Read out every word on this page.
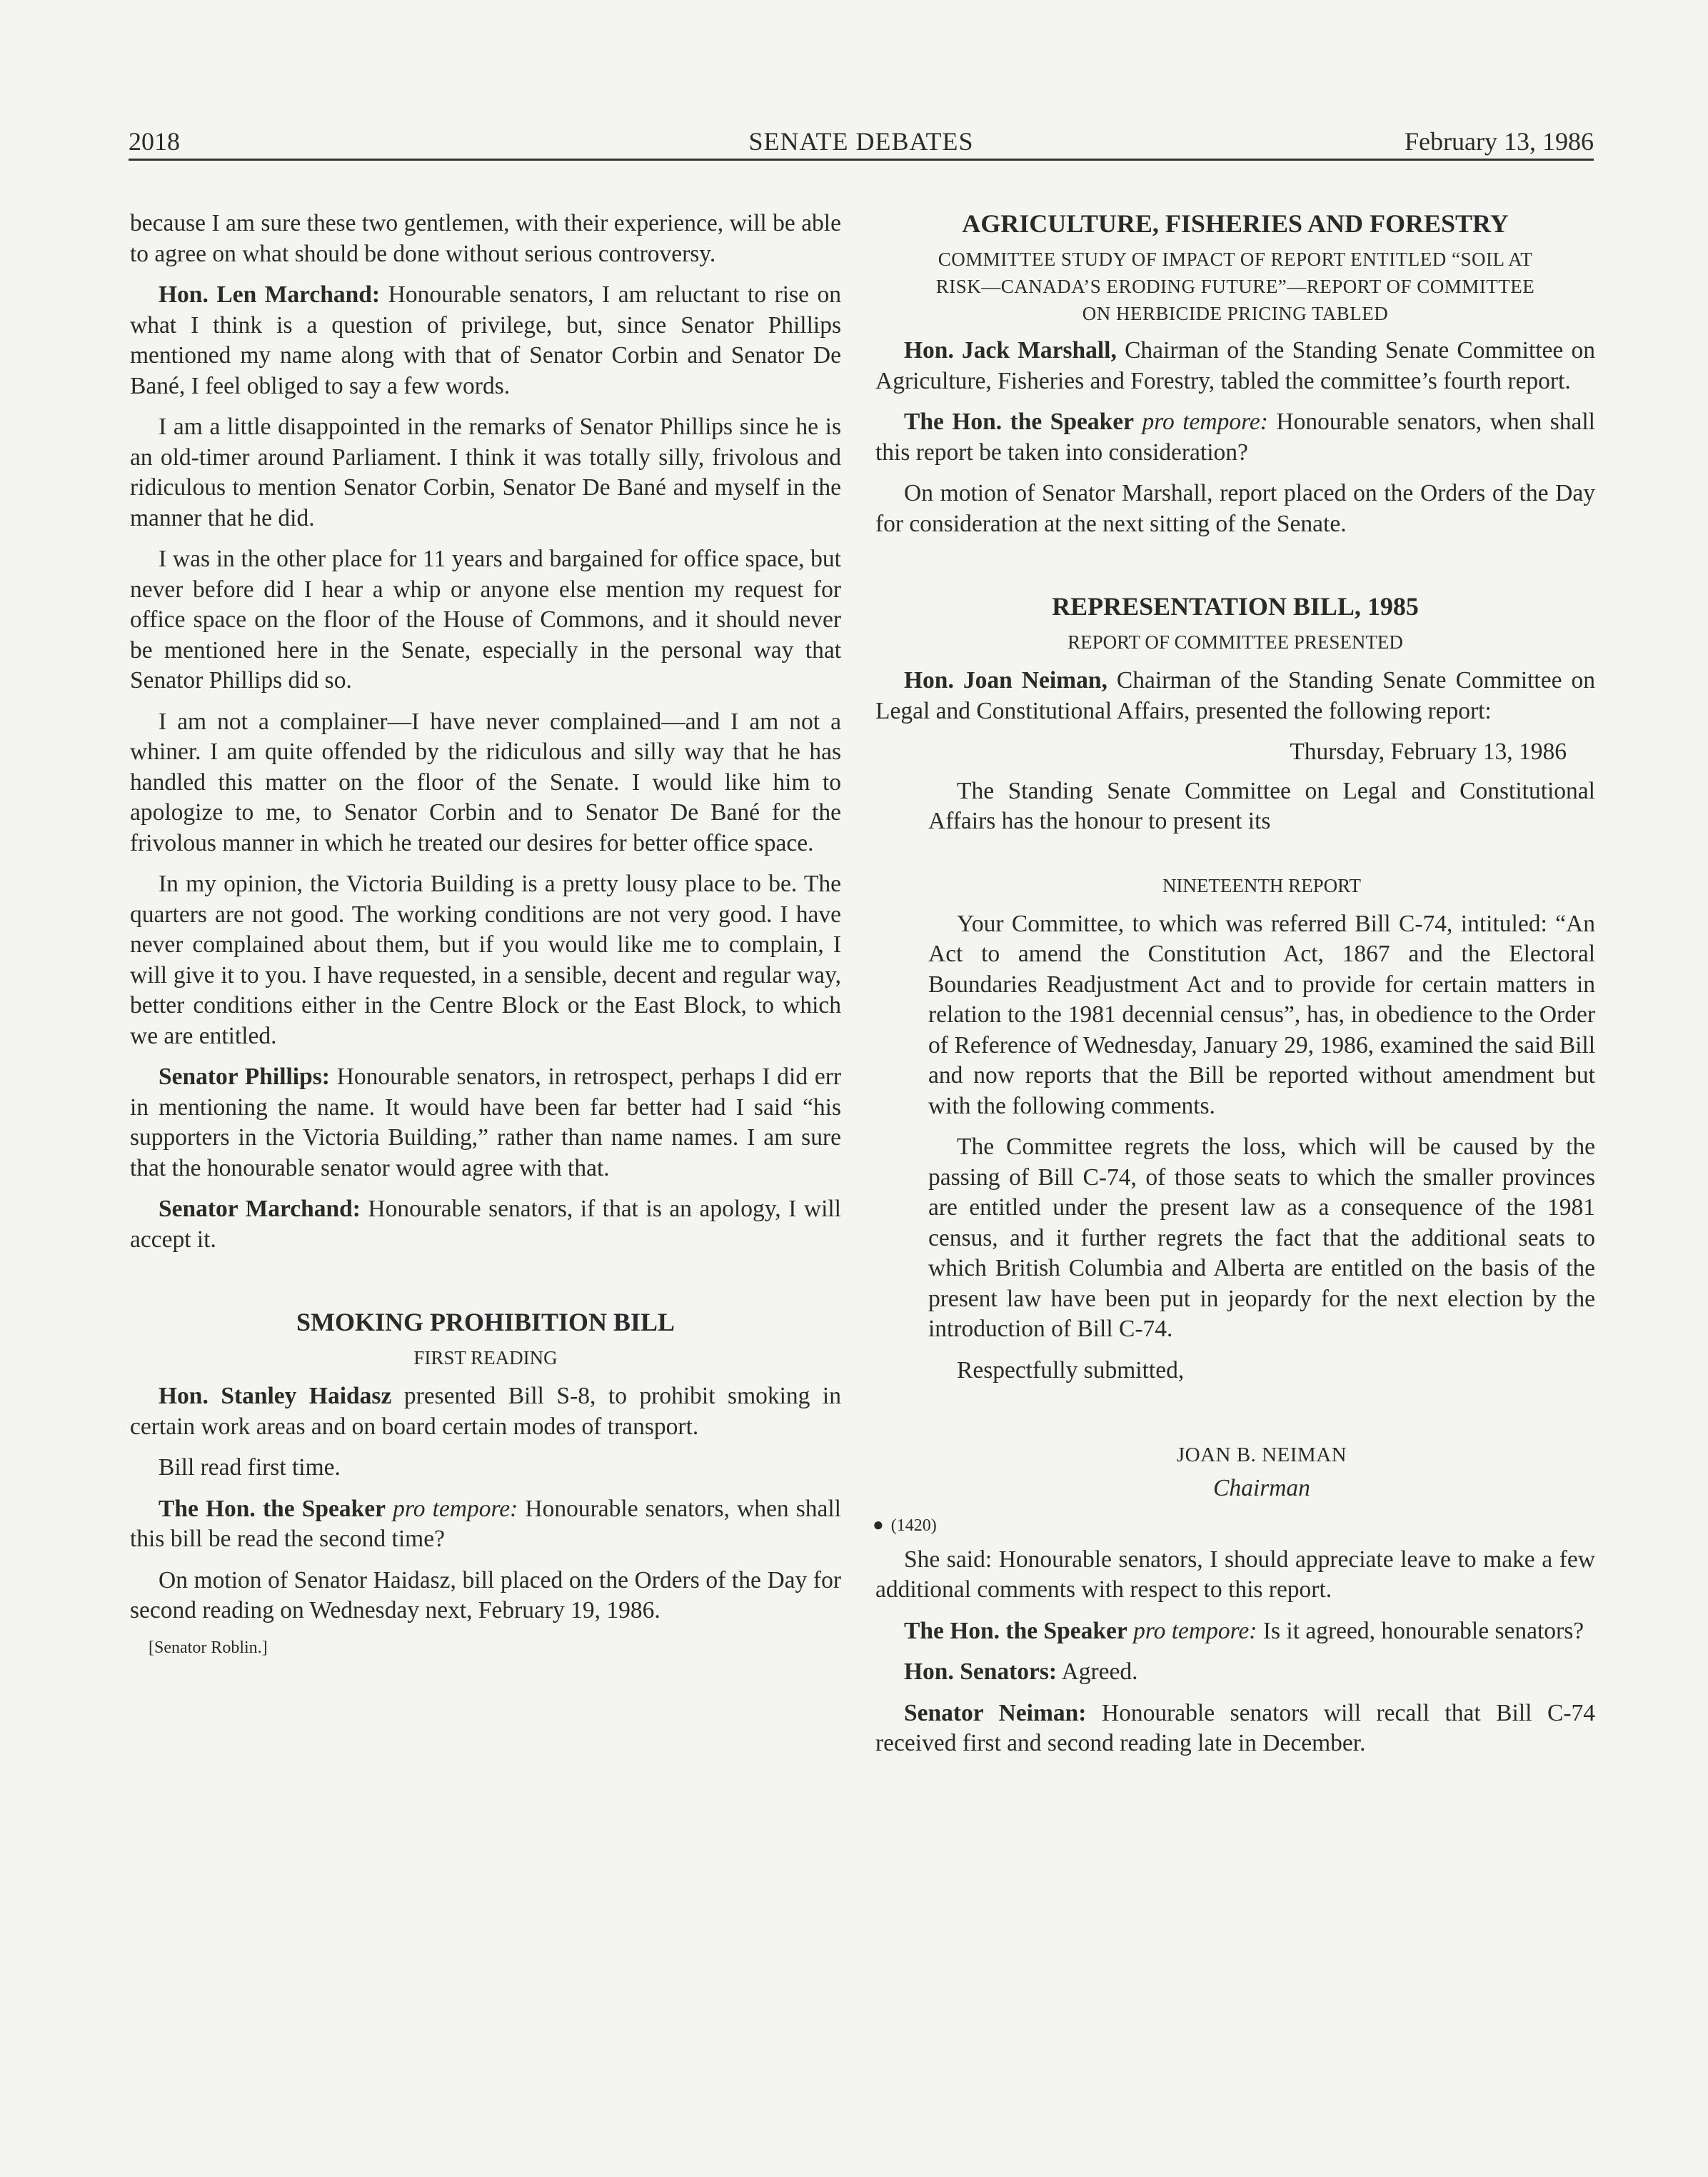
2018	SENATE DEBATES	February 13, 1986

because I am sure these two gentlemen, with their experience, will be able to agree on what should be done without serious controversy.

Hon. Len Marchand: Honourable senators, I am reluctant to rise on what I think is a question of privilege, but, since Senator Phillips mentioned my name along with that of Senator Corbin and Senator De Bané, I feel obliged to say a few words.

I am a little disappointed in the remarks of Senator Phillips since he is an old-timer around Parliament. I think it was totally silly, frivolous and ridiculous to mention Senator Corbin, Senator De Bané and myself in the manner that he did.

I was in the other place for 11 years and bargained for office space, but never before did I hear a whip or anyone else mention my request for office space on the floor of the House of Commons, and it should never be mentioned here in the Senate, especially in the personal way that Senator Phillips did so.

I am not a complainer—I have never complained—and I am not a whiner. I am quite offended by the ridiculous and silly way that he has handled this matter on the floor of the Senate. I would like him to apologize to me, to Senator Corbin and to Senator De Bané for the frivolous manner in which he treated our desires for better office space.

In my opinion, the Victoria Building is a pretty lousy place to be. The quarters are not good. The working conditions are not very good. I have never complained about them, but if you would like me to complain, I will give it to you. I have requested, in a sensible, decent and regular way, better conditions either in the Centre Block or the East Block, to which we are entitled.

Senator Phillips: Honourable senators, in retrospect, perhaps I did err in mentioning the name. It would have been far better had I said “his supporters in the Victoria Building,” rather than name names. I am sure that the honourable senator would agree with that.

Senator Marchand: Honourable senators, if that is an apology, I will accept it.

SMOKING PROHIBITION BILL
FIRST READING

Hon. Stanley Haidasz presented Bill S-8, to prohibit smoking in certain work areas and on board certain modes of transport.

Bill read first time.

The Hon. the Speaker pro tempore: Honourable senators, when shall this bill be read the second time?

On motion of Senator Haidasz, bill placed on the Orders of the Day for second reading on Wednesday next, February 19, 1986.

[Senator Roblin.]
AGRICULTURE, FISHERIES AND FORESTRY
COMMITTEE STUDY OF IMPACT OF REPORT ENTITLED “SOIL AT
RISK—CANADA’S ERODING FUTURE”—REPORT OF COMMITTEE
ON HERBICIDE PRICING TABLED

Hon. Jack Marshall, Chairman of the Standing Senate Committee on Agriculture, Fisheries and Forestry, tabled the committee’s fourth report.

The Hon. the Speaker pro tempore: Honourable senators, when shall this report be taken into consideration?

On motion of Senator Marshall, report placed on the Orders of the Day for consideration at the next sitting of the Senate.

REPRESENTATION BILL, 1985
REPORT OF COMMITTEE PRESENTED

Hon. Joan Neiman, Chairman of the Standing Senate Committee on Legal and Constitutional Affairs, presented the following report:

Thursday, February 13, 1986

The Standing Senate Committee on Legal and Constitutional Affairs has the honour to present its

NINETEENTH REPORT

Your Committee, to which was referred Bill C-74, intituled: “An Act to amend the Constitution Act, 1867 and the Electoral Boundaries Readjustment Act and to provide for certain matters in relation to the 1981 decennial census”, has, in obedience to the Order of Reference of Wednesday, January 29, 1986, examined the said Bill and now reports that the Bill be reported without amendment but with the following comments.

The Committee regrets the loss, which will be caused by the passing of Bill C-74, of those seats to which the smaller provinces are entitled under the present law as a consequence of the 1981 census, and it further regrets the fact that the additional seats to which British Columbia and Alberta are entitled on the basis of the present law have been put in jeopardy for the next election by the introduction of Bill C-74.

Respectfully submitted,

JOAN B. NEIMAN
Chairman
● (1420)

She said: Honourable senators, I should appreciate leave to make a few additional comments with respect to this report.

The Hon. the Speaker pro tempore: Is it agreed, honourable senators?

Hon. Senators: Agreed.

Senator Neiman: Honourable senators will recall that Bill C-74 received first and second reading late in December.
